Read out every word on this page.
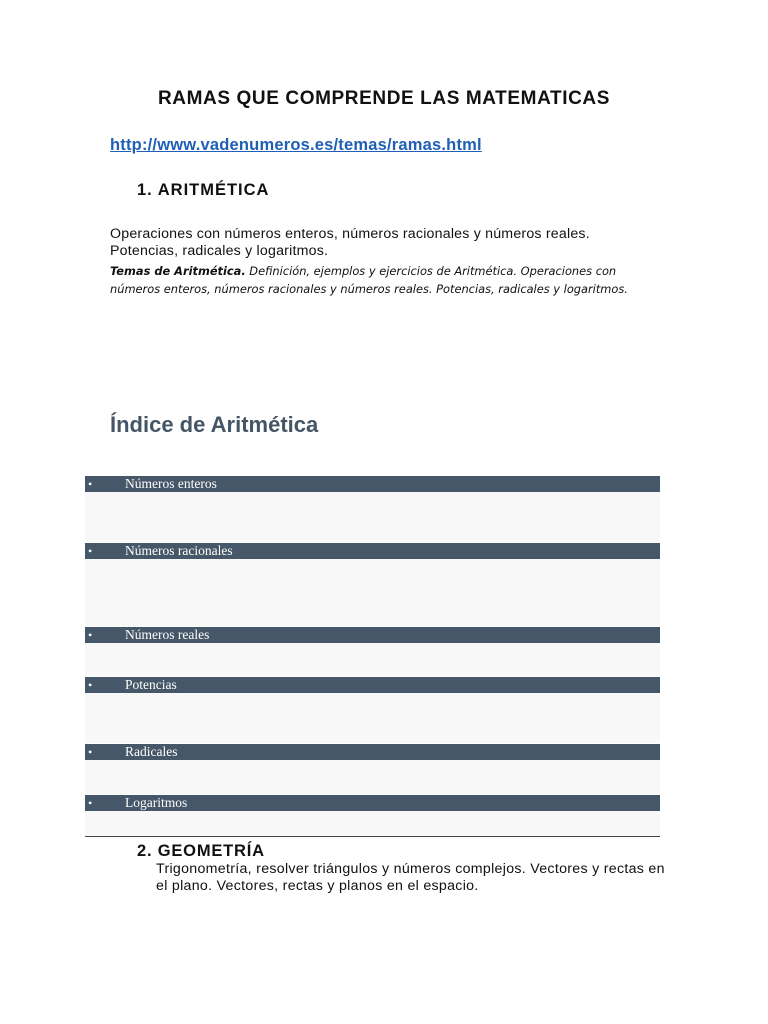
RAMAS QUE COMPRENDE LAS MATEMATICAS
http://www.vadenumeros.es/temas/ramas.html
1. ARITMÉTICA
Operaciones con números enteros, números racionales y números reales. Potencias, radicales y logaritmos.
Temas de Aritmética. Definición, ejemplos y ejercicios de Aritmética. Operaciones con números enteros, números racionales y números reales. Potencias, radicales y logaritmos.
Índice de Aritmética
• Números enteros
• Números racionales
• Números reales
• Potencias
• Radicales
• Logaritmos
2. GEOMETRÍA
Trigonometría, resolver triángulos y números complejos. Vectores y rectas en el plano. Vectores, rectas y planos en el espacio.
